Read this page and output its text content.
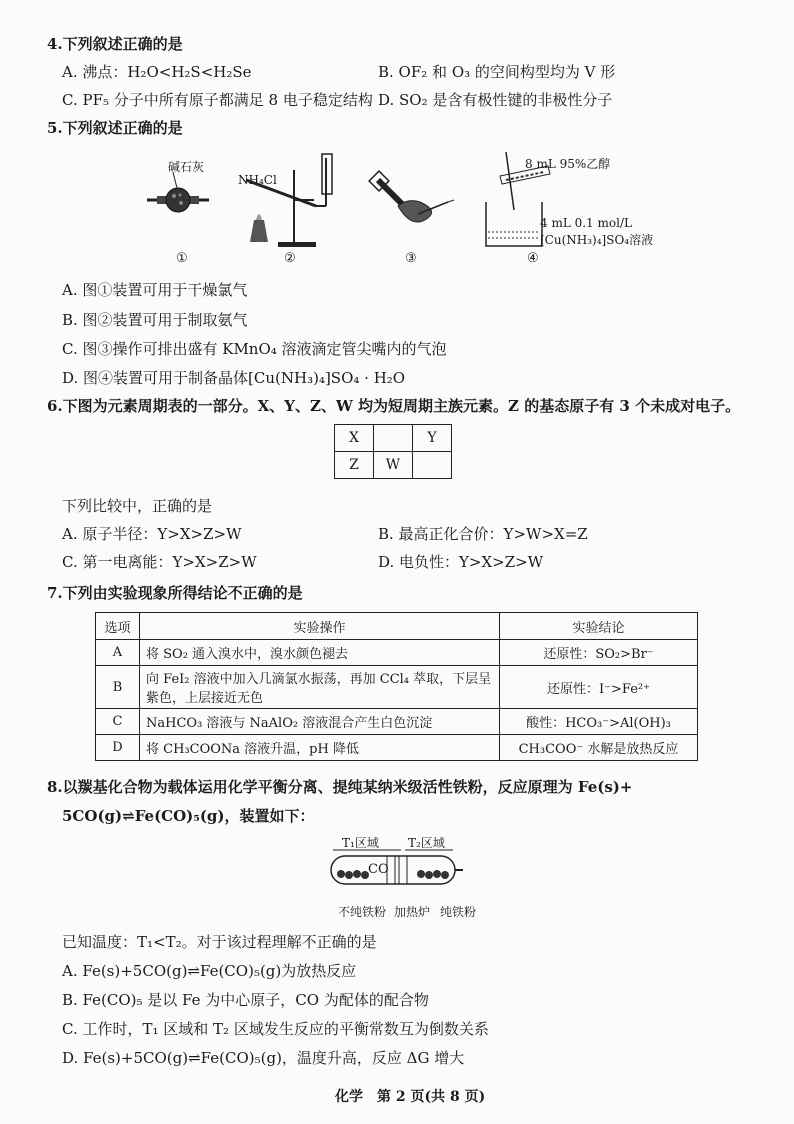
4.下列叙述正确的是
A. 沸点：H₂O<H₂S<H₂Se	B. OF₂ 和 O₃ 的空间构型均为 V 形
C. PF₅ 分子中所有原子都满足 8 电子稳定结构 D. SO₂ 是含有极性键的非极性分子
5.下列叙述正确的是
碱石灰
①
NH₄Cl
②	③
8 mL 95%乙醇
4 mL 0.1 mol/L
[Cu(NH₃)₄]SO₄溶液
④
A. 图①装置可用于干燥氯气
B. 图②装置可用于制取氨气
C. 图③操作可排出盛有 KMnO₄ 溶液滴定管尖嘴内的气泡
D. 图④装置可用于制备晶体[Cu(NH₃)₄]SO₄ · H₂O
6.下图为元素周期表的一部分。X、Y、Z、W 均为短周期主族元素。Z 的基态原子有 3 个未成对电子。
X		Y
Z	W	
下列比较中，正确的是
A. 原子半径：Y>X>Z>W	B. 最高正化合价：Y>W>X=Z
C. 第一电离能：Y>X>Z>W	D. 电负性：Y>X>Z>W
7.下列由实验现象所得结论不正确的是
选项	实验操作	实验结论
A	将 SO₂ 通入溴水中，溴水颜色褪去	还原性：SO₂>Br⁻
B	向 FeI₂ 溶液中加入几滴氯水振荡，再加 CCl₄ 萃取，下层呈紫色，上层接近无色	还原性：I⁻>Fe²⁺
C	NaHCO₃ 溶液与 NaAlO₂ 溶液混合产生白色沉淀	酸性：HCO₃⁻>Al(OH)₃
D	将 CH₃COONa 溶液升温，pH 降低	CH₃COO⁻ 水解是放热反应
8.以羰基化合物为载体运用化学平衡分离、提纯某纳米级活性铁粉，反应原理为 Fe(s)+
5CO(g)⇌Fe(CO)₅(g)，装置如下：
T₁区域 T₂区域
CO
不纯铁粉 加热炉 纯铁粉
已知温度：T₁<T₂。对于该过程理解不正确的是
A. Fe(s)+5CO(g)⇌Fe(CO)₅(g)为放热反应
B. Fe(CO)₅ 是以 Fe 为中心原子，CO 为配体的配合物
C. 工作时，T₁ 区域和 T₂ 区域发生反应的平衡常数互为倒数关系
D. Fe(s)+5CO(g)⇌Fe(CO)₅(g)，温度升高，反应 ΔG 增大
化学　第 2 页(共 8 页)
